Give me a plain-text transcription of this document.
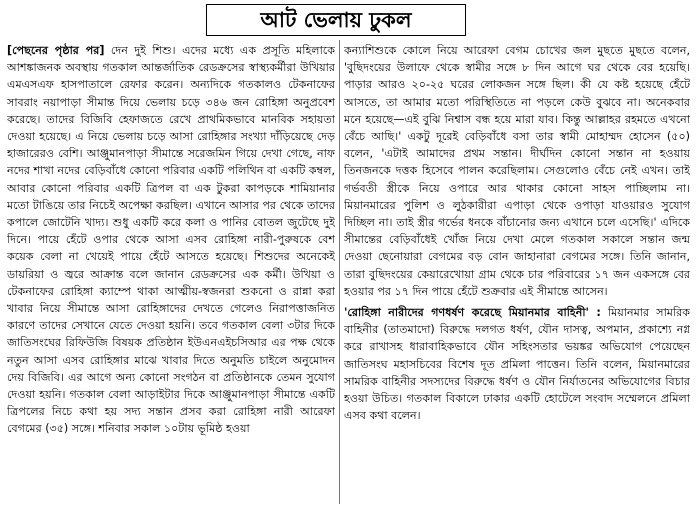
আট ভেলায় ঢুকল

[পেছনের পৃষ্ঠার পর] দেন দুই শিশু। এদের মধ্যে এক প্রসূতি মহিলাকে আশঙ্কাজনক অবস্থায় গতকাল আন্তর্জাতিক রেডক্রসের স্বাস্থ্যকর্মীরা উখিয়ার এমএসএফ হাসপাতালে রেফার করেন। অন্যদিকে গতকালও টেকনাফের সাবরাং নয়াপাড়া সীমান্ত দিয়ে ভেলায় চড়ে ৩৪৬ জন রোহিঙ্গা অনুপ্রবেশ করেছে। তাদের বিজিবি হেফাজতে রেখে প্রাথমিকভাবে মানবিক সহায়তা দেওয়া হয়েছে। এ নিয়ে ভেলায় চড়ে আসা রোহিঙ্গার সংখ্যা দাঁড়িয়েছে দেড় হাজারেরও বেশি। আঞ্জুমানপাড়া সীমান্তে সরেজমিন গিয়ে দেখা গেছে, নাফ নদের শাখা নদের বেড়িবাঁধে কোনো পরিবার একটি পলিথিন বা একটি কম্বল, আবার কোনো পরিবার একটি ত্রিপল বা এক টুকরা কাপড়কে শামিয়ানার মতো টাঙিয়ে তার নিচেই অপেক্ষা করছিল। এখানে আসার পর থেকে তাদের কপালে জোটেনি খাদ্য। শুধু একটি করে কলা ও পানির বোতল জুটেছে দুই দিনে। পায়ে হেঁটে ওপার থেকে আসা এসব রোহিঙ্গা নারী-পুরুষকে বেশ কয়েক বেলা না খেয়েই পায়ে হেঁটে আসতে হয়েছে। শিশুদের অনেকেই ডায়রিয়া ও জ্বরে আক্রান্ত বলে জানান রেডক্রসের এক কর্মী। উখিয়া ও টেকনাফের রোহিঙ্গা ক্যাম্পে থাকা আত্মীয়-স্বজনরা শুকনো ও রান্না করা খাবার নিয়ে সীমান্তে আসা রোহিঙ্গাদের দেখতে গেলেও নিরাপত্তাজনিত কারণে তাদের সেখানে যেতে দেওয়া হয়নি। তবে গতকাল বেলা ৩টার দিকে জাতিসংঘের রিফিউজি বিষয়ক প্রতিষ্ঠান ইউএনএইচসিআর এর পক্ষ থেকে নতুন আসা এসব রোহিঙ্গার মাঝে খাবার দিতে অনুমতি চাইলে অনুমোদন দেয় বিজিবি। এর আগে অন্য কোনো সংগঠন বা প্রতিষ্ঠানকে তেমন সুযোগ দেওয়া হয়নি। গতকাল বেলা আড়াইটার দিকে আঞ্জুমানপাড়া সীমান্তে একটি ত্রিপলের নিচে কথা হয় সদ্য সন্তান প্রসব করা রোহিঙ্গা নারী আরেফা বেগমের (৩৫) সঙ্গে। শনিবার সকাল ১০টায় ভূমিষ্ঠ হওয়া

কন্যাশিশুকে কোলে নিয়ে আরেফা বেগম চোখের জল মুছতে মুছতে বলেন, 'বুছিদংয়ের উলাফে থেকে স্বামীর সঙ্গে ৮ দিন আগে ঘর থেকে বের হয়েছি। পাড়ার আরও ২০-২৫ ঘরের লোকজন সঙ্গে ছিল। কী যে কষ্ট হয়েছে হেঁটে আসতে, তা আমার মতো পরিস্থিতিতে না পড়লে কেউ বুঝবে না। অনেকবার মনে হয়েছে—এই বুঝি নিশ্বাস বন্ধ হয়ে মারা যাব। কিন্তু আল্লাহর রহমতে এখনো বেঁচে আছি।' একটু দূরেই বেড়িবাঁধে বসা তার স্বামী মোহাম্মদ হোসেন (৫০) বলেন, 'এটাই আমাদের প্রথম সন্তান। দীর্ঘদিন কোনো সন্তান না হওয়ায় তিনজনকে দত্তক হিসেবে পালন করেছিলাম। সেগুলোও বেঁচে নেই এখন। তাই গর্ভবতী স্ত্রীকে নিয়ে ওপারে আর থাকার কোনো সাহস পাচ্ছিলাম না। মিয়ানমারের পুলিশ ও লুঠকারীরা এপাড়া থেকে ওপাড়া যাওয়ারও সুযোগ দিচ্ছিল না। তাই স্ত্রীর গর্ভের ধনকে বাঁচানোর জন্য এখানে চলে এসেছি।' এদিকে সীমান্তের বেড়িবাঁধেই খোঁজ নিয়ে দেখা মেলে গতকাল সকালে সন্তান জন্ম দেওয়া ছেনোয়ারা বেগমের বড় বোন জাহানারা বেগমের সঙ্গে। তিনি জানান, তারা বুছিদংয়ের কেয়ারেখোয়া গ্রাম থেকে চার পরিবারের ১৭ জন একসঙ্গে বের হওয়ার পর ১৭ দিন পায়ে হেঁটে শুক্রবার এই সীমান্তে আসেন।

'রোহিঙ্গা নারীদের গণধর্ষণ করেছে মিয়ানমার বাহিনী' : মিয়ানমার সামরিক বাহিনীর (তাতমাদো) বিরুদ্ধে দলগত ধর্ষণ, যৌন দাসত্ব, অপমান, প্রকাশ্যে নগ্ন করে রাখাসহ ধারাবাহিকভাবে যৌন সহিংসতার ভয়ঙ্কর অভিযোগ পেয়েছেন জাতিসংঘ মহাসচিবের বিশেষ দূত প্রমিলা পাত্তেন। তিনি বলেন, মিয়ানমারের সামরিক বাহিনীর সদস্যদের বিরুদ্ধে ধর্ষণ ও যৌন নির্যাতনের অভিযোগের বিচার হওয়া উচিত। গতকাল বিকালে ঢাকার একটি হোটেলে সংবাদ সম্মেলনে প্রমিলা এসব কথা বলেন।
